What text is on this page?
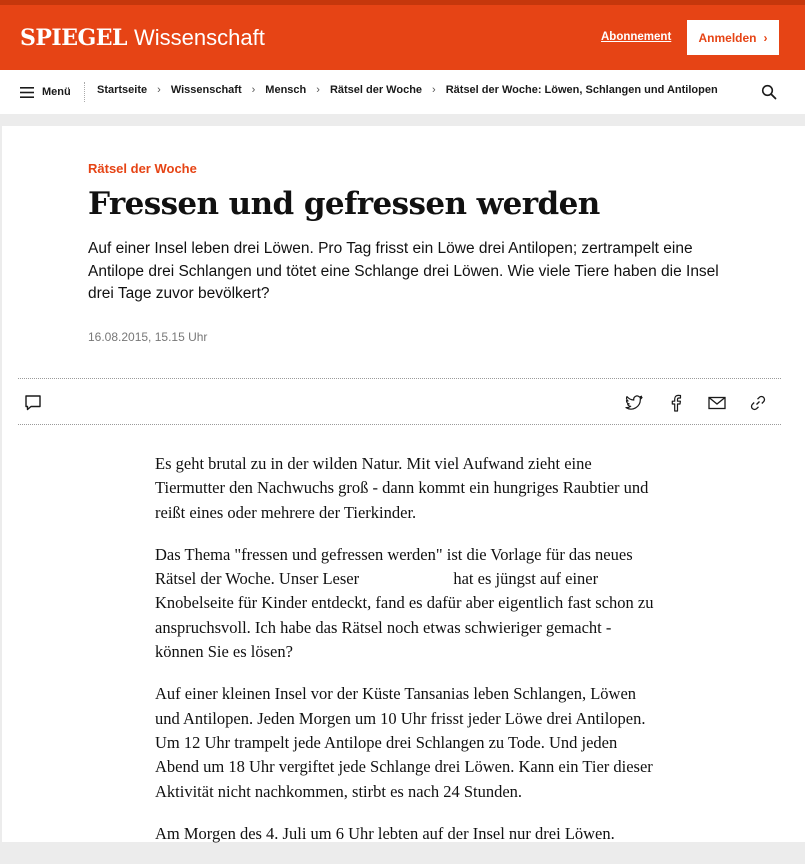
SPIEGEL Wissenschaft	Abonnement Anmelden ›
Menü Startseite › Wissenschaft › Mensch › Rätsel der Woche › Rätsel der Woche: Löwen, Schlangen und Antilopen
Rätsel der Woche
Fressen und gefressen werden

Auf einer Insel leben drei Löwen. Pro Tag frisst ein Löwe drei Antilopen; zertrampelt eine Antilope drei Schlangen und tötet eine Schlange drei Löwen. Wie viele Tiere haben die Insel drei Tage zuvor bevölkert?

16.08.2015, 15.15 Uhr

Es geht brutal zu in der wilden Natur. Mit viel Aufwand zieht eine Tiermutter den Nachwuchs groß - dann kommt ein hungriges Raubtier und reißt eines oder mehrere der Tierkinder.

Das Thema "fressen und gefressen werden" ist die Vorlage für das neues Rätsel der Woche. Unser Leser	hat es jüngst auf einer Knobelseite für Kinder entdeckt, fand es dafür aber eigentlich fast schon zu anspruchsvoll. Ich habe das Rätsel noch etwas schwieriger gemacht - können Sie es lösen?

Auf einer kleinen Insel vor der Küste Tansanias leben Schlangen, Löwen und Antilopen. Jeden Morgen um 10 Uhr frisst jeder Löwe drei Antilopen. Um 12 Uhr trampelt jede Antilope drei Schlangen zu Tode. Und jeden Abend um 18 Uhr vergiftet jede Schlange drei Löwen. Kann ein Tier dieser Aktivität nicht nachkommen, stirbt es nach 24 Stunden.

Am Morgen des 4. Juli um 6 Uhr lebten auf der Insel nur drei Löwen.
